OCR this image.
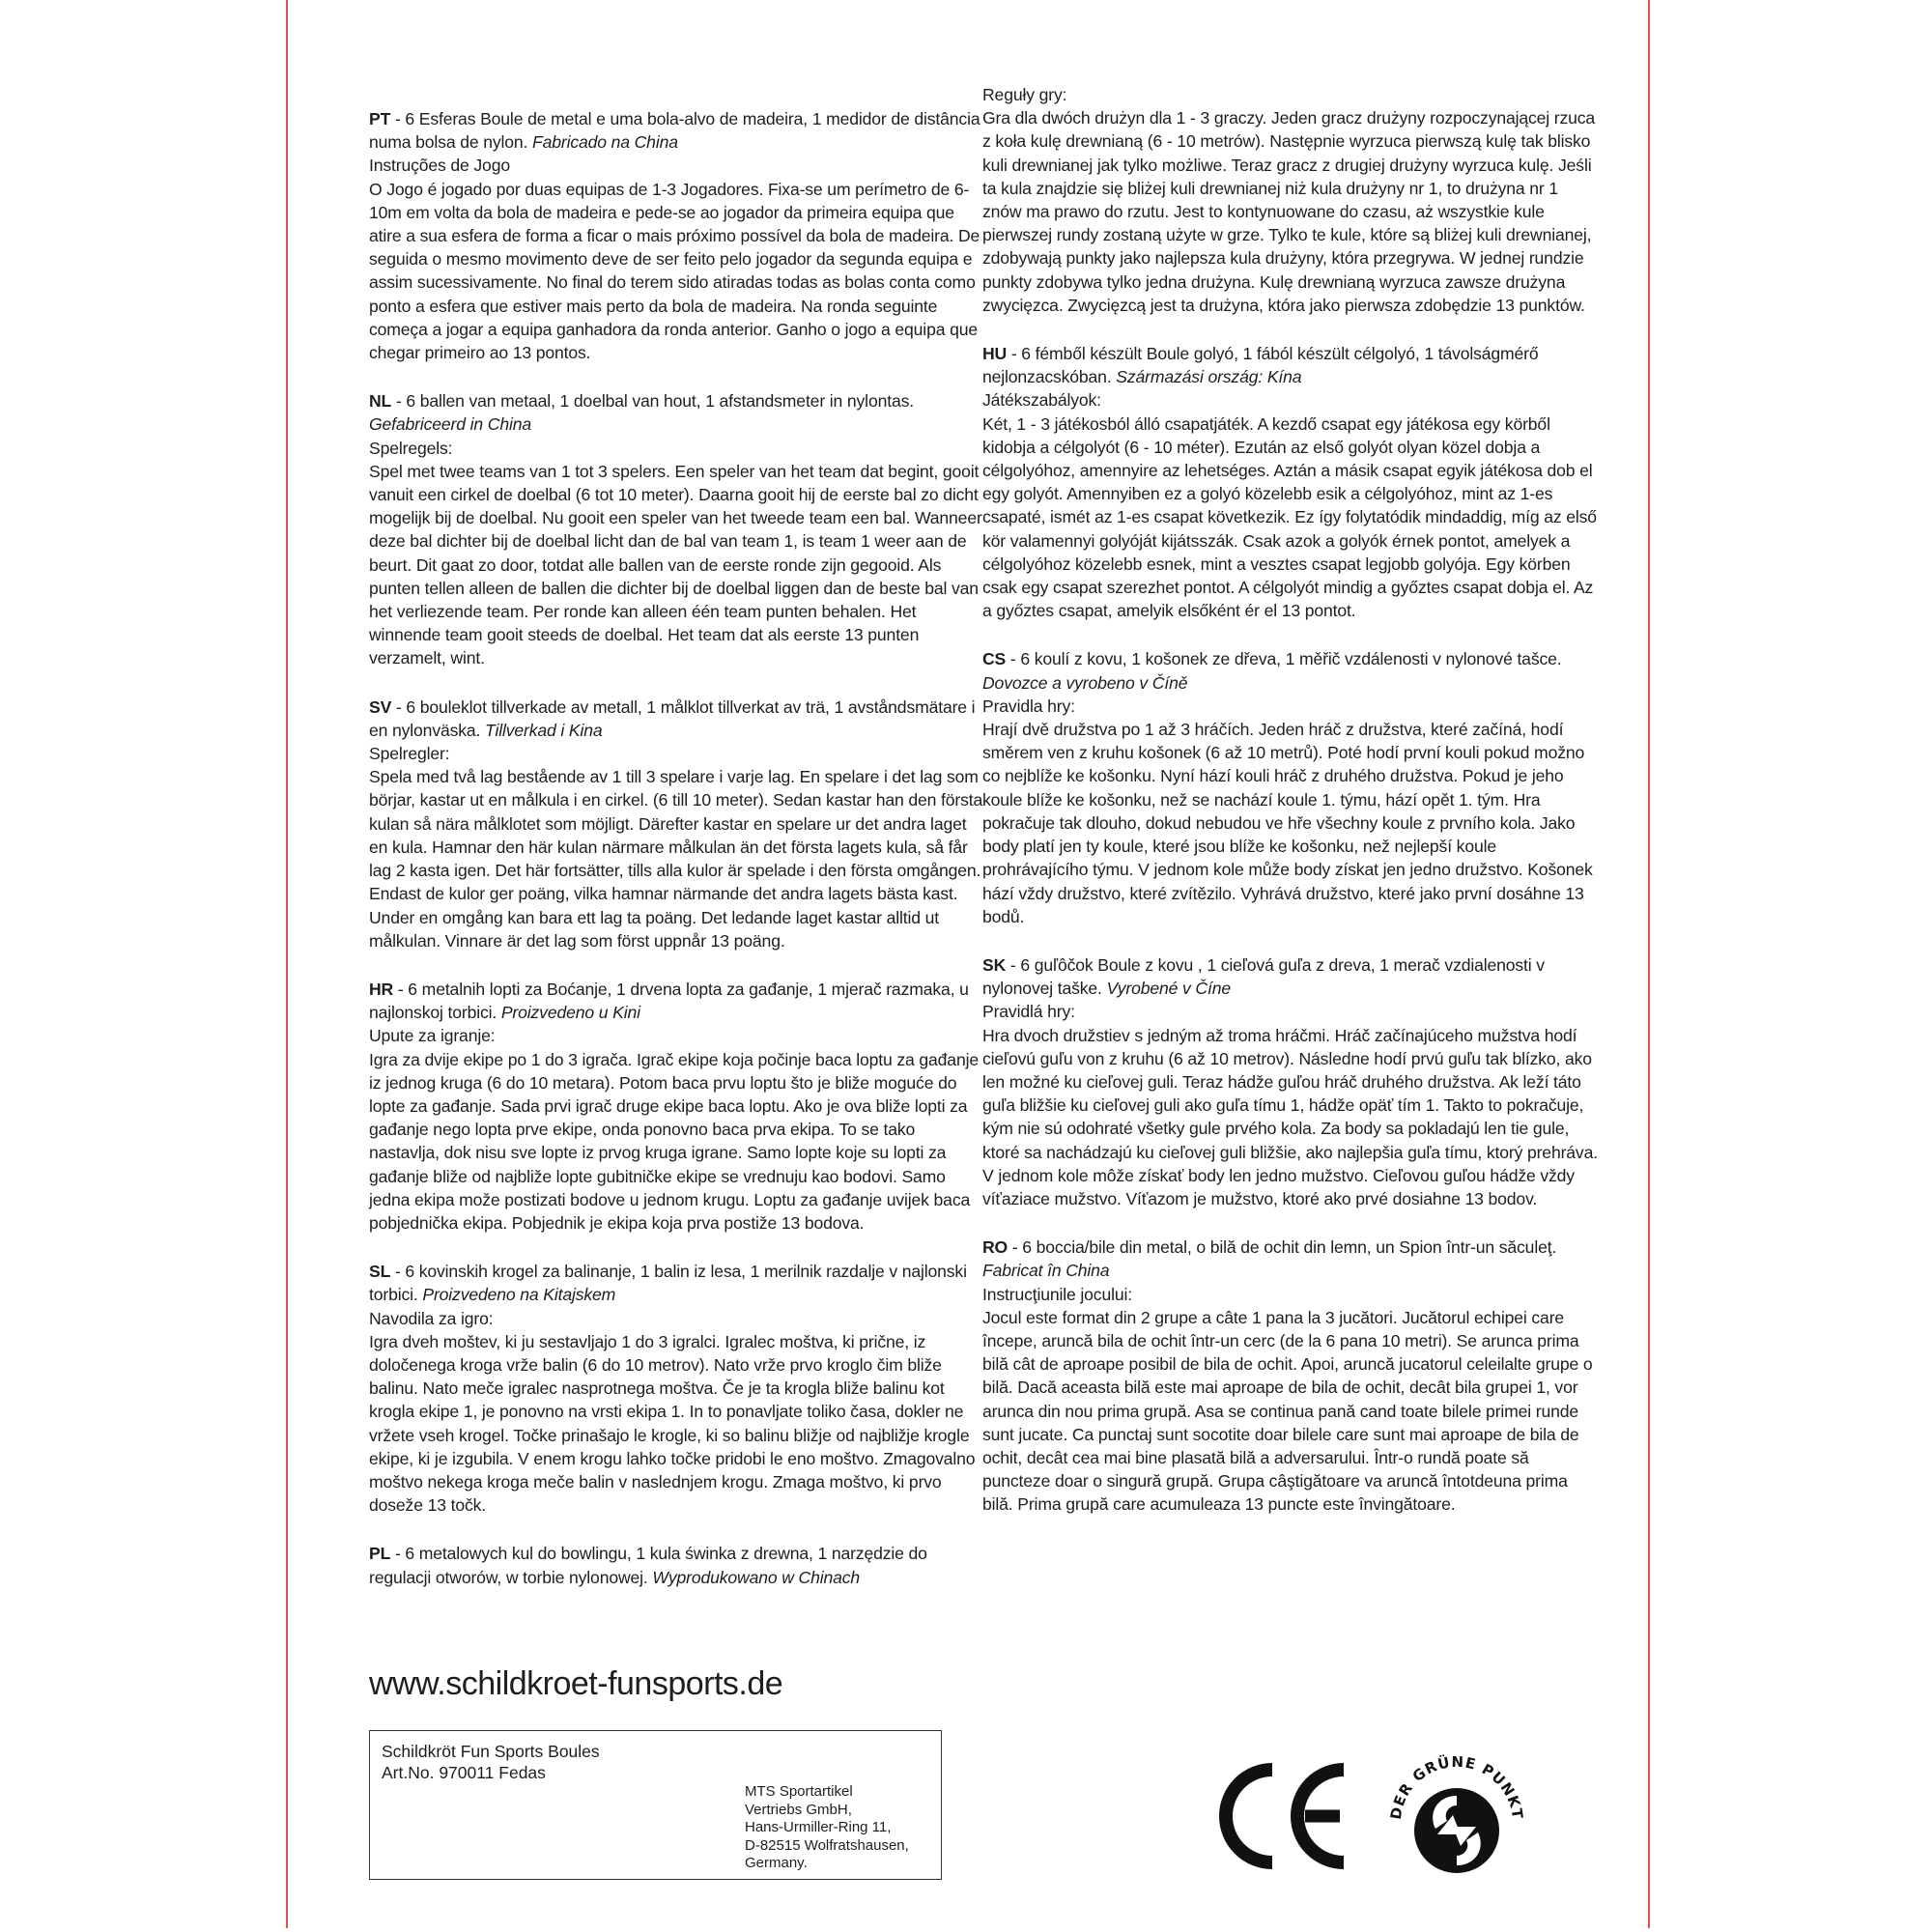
PT - 6 Esferas Boule de metal e uma bola-alvo de madeira, 1 medidor de distância numa bolsa de nylon. Fabricado na China

Instruções de Jogo

O Jogo é jogado por duas equipas de 1-3 Jogadores. Fixa-se um perímetro de 6-10m em volta da bola de madeira e pede-se ao jogador da primeira equipa que atire a sua esfera de forma a ficar o mais próximo possível da bola de madeira. De seguida o mesmo movimento deve de ser feito pelo jogador da segunda equipa e assim sucessivamente. No final do terem sido atiradas todas as bolas conta como ponto a esfera que estiver mais perto da bola de madeira. Na ronda seguinte começa a jogar a equipa ganhadora da ronda anterior. Ganho o jogo a equipa que chegar primeiro ao 13 pontos.

NL - 6 ballen van metaal, 1 doelbal van hout, 1 afstandsmeter in nylontas. Gefabriceerd in China

Spelregels:

Spel met twee teams van 1 tot 3 spelers. Een speler van het team dat begint, gooit vanuit een cirkel de doelbal (6 tot 10 meter). Daarna gooit hij de eerste bal zo dicht mogelijk bij de doelbal. Nu gooit een speler van het tweede team een bal. Wanneer deze bal dichter bij de doelbal licht dan de bal van team 1, is team 1 weer aan de beurt. Dit gaat zo door, totdat alle ballen van de eerste ronde zijn gegooid. Als punten tellen alleen de ballen die dichter bij de doelbal liggen dan de beste bal van het verliezende team. Per ronde kan alleen één team punten behalen. Het winnende team gooit steeds de doelbal. Het team dat als eerste 13 punten verzamelt, wint.

SV - 6 bouleklot tillverkade av metall, 1 målklot tillverkat av trä, 1 avståndsmätare i en nylonväska. Tillverkad i Kina

Spelregler:

Spela med två lag bestående av 1 till 3 spelare i varje lag. En spelare i det lag som börjar, kastar ut en målkula i en cirkel. (6 till 10 meter). Sedan kastar han den första kulan så nära målklotet som möjligt. Därefter kastar en spelare ur det andra laget en kula. Hamnar den här kulan närmare målkulan än det första lagets kula, så får lag 2 kasta igen. Det här fortsätter, tills alla kulor är spelade i den första omgången. Endast de kulor ger poäng, vilka hamnar närmande det andra lagets bästa kast. Under en omgång kan bara ett lag ta poäng. Det ledande laget kastar alltid ut målkulan. Vinnare är det lag som först uppnår 13 poäng.

HR - 6 metalnih lopti za Boćanje, 1 drvena lopta za gađanje, 1 mjerač razmaka, u najlonskoj torbici. Proizvedeno u Kini

Upute za igranje:

Igra za dvije ekipe po 1 do 3 igrača. Igrač ekipe koja počinje baca loptu za gađanje iz jednog kruga (6 do 10 metara). Potom baca prvu loptu što je bliže moguće do lopte za gađanje. Sada prvi igrač druge ekipe baca loptu. Ako je ova bliže lopti za gađanje nego lopta prve ekipe, onda ponovno baca prva ekipa. To se tako nastavlja, dok nisu sve lopte iz prvog kruga igrane. Samo lopte koje su lopti za gađanje bliže od najbliže lopte gubitničke ekipe se vrednuju kao bodovi. Samo jedna ekipa može postizati bodove u jednom krugu. Loptu za gađanje uvijek baca pobjednička ekipa. Pobjednik je ekipa koja prva postiže 13 bodova.

SL - 6 kovinskih krogel za balinanje, 1 balin iz lesa, 1 merilnik razdalje v najlonski torbici. Proizvedeno na Kitajskem

Navodila za igro:

Igra dveh moštev, ki ju sestavljajo 1 do 3 igralci. Igralec moštva, ki prične, iz določenega kroga vrže balin (6 do 10 metrov). Nato vrže prvo kroglo čim bliže balinu. Nato meče igralec nasprotnega moštva. Če je ta krogla bliže balinu kot krogla ekipe 1, je ponovno na vrsti ekipa 1. In to ponavljate toliko časa, dokler ne vržete vseh krogel. Točke prinašajo le krogle, ki so balinu bližje od najbližje krogle ekipe, ki je izgubila. V enem krogu lahko točke pridobi le eno moštvo. Zmagovalno moštvo nekega kroga meče balin v naslednjem krogu. Zmaga moštvo, ki prvo doseže 13 točk.

PL - 6 metalowych kul do bowlingu, 1 kula świnka z drewna, 1 narzędzie do regulacji otworów, w torbie nylonowej. Wyprodukowano w Chinach

Reguły gry:

Gra dla dwóch drużyn dla 1 - 3 graczy. Jeden gracz drużyny rozpoczynającej rzuca z koła kulę drewnianą (6 - 10 metrów). Następnie wyrzuca pierwszą kulę tak blisko kuli drewnianej jak tylko możliwe. Teraz gracz z drugiej drużyny wyrzuca kulę. Jeśli ta kula znajdzie się bliżej kuli drewnianej niż kula drużyny nr 1, to drużyna nr 1 znów ma prawo do rzutu. Jest to kontynuowane do czasu, aż wszystkie kule pierwszej rundy zostaną użyte w grze. Tylko te kule, które są bliżej kuli drewnianej, zdobywają punkty jako najlepsza kula drużyny, która przegrywa. W jednej rundzie punkty zdobywa tylko jedna drużyna. Kulę drewnianą wyrzuca zawsze drużyna zwycięzca. Zwycięzcą jest ta drużyna, która jako pierwsza zdobędzie 13 punktów.

HU - 6 fémből készült Boule golyó, 1 fából készült célgolyó, 1 távolságmérő nejlonzacskóban. Származási ország: Kína

Játékszabályok:

Két, 1 - 3 játékosból álló csapatjáték. A kezdő csapat egy játékosa egy körből kidobja a célgolyót (6 - 10 méter). Ezután az első golyót olyan közel dobja a célgolyóhoz, amennyire az lehetséges. Aztán a másik csapat egyik játékosa dob el egy golyót. Amennyiben ez a golyó közelebb esik a célgolyóhoz, mint az 1-es csapaté, ismét az 1-es csapat következik. Ez így folytatódik mindaddig, míg az első kör valamennyi golyóját kijátsszák. Csak azok a golyók érnek pontot, amelyek a célgolyóhoz közelebb esnek, mint a vesztes csapat legjobb golyója. Egy körben csak egy csapat szerezhet pontot. A célgolyót mindig a győztes csapat dobja el. Az a győztes csapat, amelyik elsőként ér el 13 pontot.

CS - 6 koulí z kovu, 1 košonek ze dřeva, 1 měřič vzdálenosti v nylonové tašce. Dovozce a vyrobeno v Číně

Pravidla hry:

Hrají dvě družstva po 1 až 3 hráčích. Jeden hráč z družstva, které začíná, hodí směrem ven z kruhu košonek (6 až 10 metrů). Poté hodí první kouli pokud možno co nejblíže ke košonku. Nyní hází kouli hráč z druhého družstva. Pokud je jeho koule blíže ke košonku, než se nachází koule 1. týmu, hází opět 1. tým. Hra pokračuje tak dlouho, dokud nebudou ve hře všechny koule z prvního kola. Jako body platí jen ty koule, které jsou blíže ke košonku, než nejlepší koule prohrávajícího týmu. V jednom kole může body získat jen jedno družstvo. Košonek hází vždy družstvo, které zvítězilo. Vyhrává družstvo, které jako první dosáhne 13 bodů.

SK - 6 guľôčok Boule z kovu , 1 cieľová guľa z dreva, 1 merač vzdialenosti v nylonovej taške. Vyrobené v Číne

Pravidlá hry:

Hra dvoch družstiev s jedným až troma hráčmi. Hráč začínajúceho mužstva hodí cieľovú guľu von z kruhu (6 až 10 metrov). Následne hodí prvú guľu tak blízko, ako len možné ku cieľovej guli. Teraz hádže guľou hráč druhého družstva. Ak leží táto guľa bližšie ku cieľovej guli ako guľa tímu 1, hádže opäť tím 1. Takto to pokračuje, kým nie sú odohraté všetky gule prvého kola. Za body sa pokladajú len tie gule, ktoré sa nachádzajú ku cieľovej guli bližšie, ako najlepšia guľa tímu, ktorý prehráva. V jednom kole môže získať body len jedno mužstvo. Cieľovou guľou hádže vždy víťaziace mužstvo. Víťazom je mužstvo, ktoré ako prvé dosiahne 13 bodov.

RO - 6 boccia/bile din metal, o bilă de ochit din lemn, un Spion într-un săculeţ. Fabricat în China

Instrucţiunile jocului:

Jocul este format din 2 grupe a câte 1 pana la 3 jucători. Jucătorul echipei care începe, aruncă bila de ochit într-un cerc (de la 6 pana 10 metri). Se arunca prima bilă cât de aproape posibil de bila de ochit. Apoi, aruncă jucatorul celeilalte grupe o bilă. Dacă aceasta bilă este mai aproape de bila de ochit, decât bila grupei 1, vor arunca din nou prima grupă. Asa se continua pană cand toate bilele primei runde sunt jucate. Ca punctaj sunt socotite doar bilele care sunt mai aproape de bila de ochit, decât cea mai bine plasată bilă a adversarului. Într-o rundă poate să puncteze doar o singură grupă. Grupa câştigătoare va aruncă întotdeuna prima bilă. Prima grupă care acumuleaza 13 puncte este învingătoare.

www.schildkroet-funsports.de
Schildkröt Fun Sports Boules
Art.No. 970011 Fedas
MTS Sportartikel
Vertriebs GmbH,
Hans-Urmiller-Ring 11,
D-82515 Wolfratshausen,
Germany.
DER GRÜNE PUNKT
